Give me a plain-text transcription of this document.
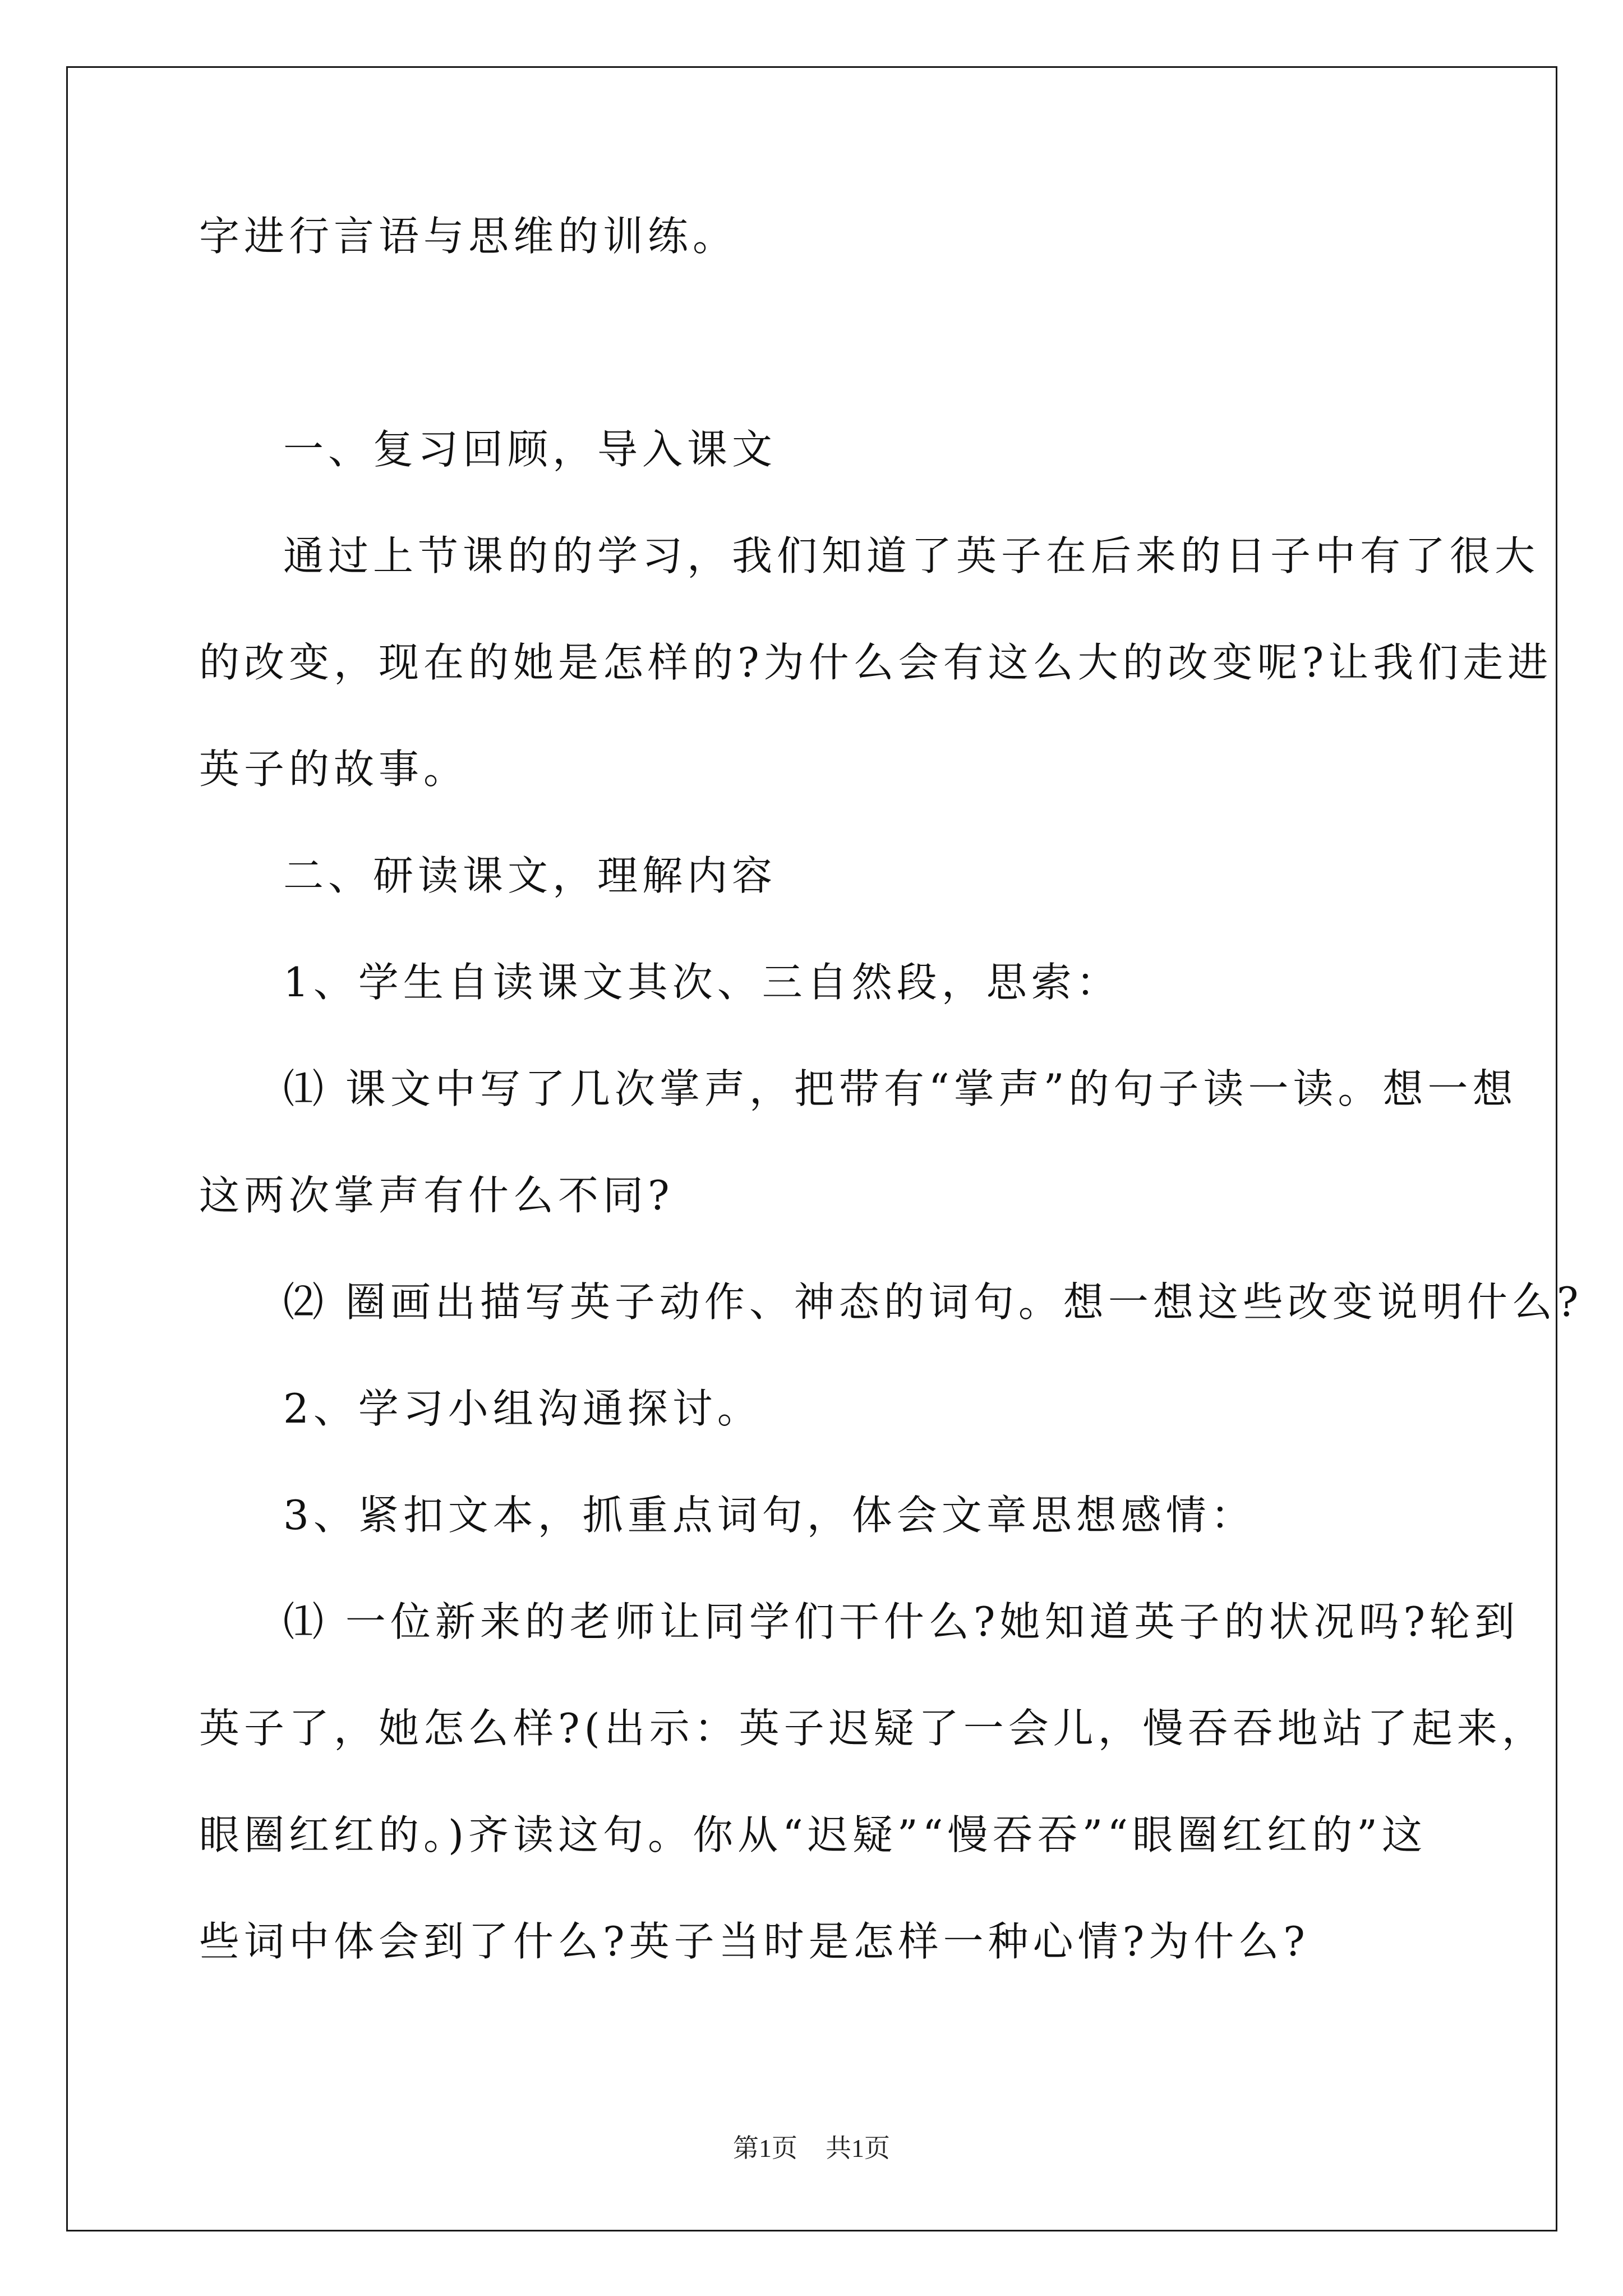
字进行言语与思维的训练。
一、复习回顾，导入课文
通过上节课的的学习，我们知道了英子在后来的日子中有了很大
的改变，现在的她是怎样的?为什么会有这么大的改变呢?让我们走进
英子的故事。
二、研读课文，理解内容
1、学生自读课文其次、三自然段，思索：
⑴ 课文中写了几次掌声，把带有“掌声”的句子读一读。想一想
这两次掌声有什么不同?
⑵ 圈画出描写英子动作、神态的词句。想一想这些改变说明什么?
2、学习小组沟通探讨。
3、紧扣文本，抓重点词句，体会文章思想感情：
⑴ 一位新来的老师让同学们干什么?她知道英子的状况吗?轮到
英子了，她怎么样?(出示：英子迟疑了一会儿，慢吞吞地站了起来，
眼圈红红的。)齐读这句。你从“迟疑”“慢吞吞”“眼圈红红的”这
些词中体会到了什么?英子当时是怎样一种心情?为什么?
第1页 共1页
